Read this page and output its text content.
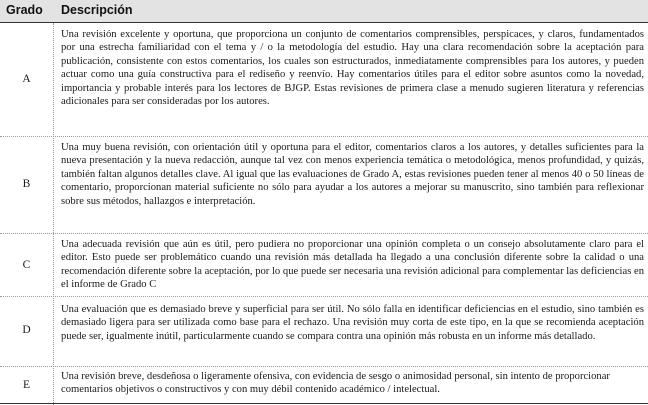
Grado Descripción
A

Una revisión excelente y oportuna, que proporciona un conjunto de comentarios comprensibles, perspicaces, y claros, fundamentados por una estrecha familiaridad con el tema y / o la metodología del estudio. Hay una clara recomendación sobre la aceptación para publicación, consistente con estos comentarios, los cuales son estructurados, inmediatamente comprensibles para los autores, y pueden actuar como una guía constructiva para el rediseño y reenvío. Hay comentarios útiles para el editor sobre asuntos como la novedad, importancia y probable interés para los lectores de BJGP. Estas revisiones de primera clase a menudo sugieren literatura y referencias adicionales para ser consideradas por los autores.

B

Una muy buena revisión, con orientación útil y oportuna para el editor, comentarios claros a los autores, y detalles suficientes para la nueva presentación y la nueva redacción, aunque tal vez con menos experiencia temática o metodológica, menos profundidad, y quizás, también faltan algunos detalles clave. Al igual que las evaluaciones de Grado A, estas revisiones pueden tener al menos 40 o 50 líneas de comentario, proporcionan material suficiente no sólo para ayudar a los autores a mejorar su manuscrito, sino también para reflexionar sobre sus métodos, hallazgos e interpretación.

C

Una adecuada revisión que aún es útil, pero pudiera no proporcionar una opinión completa o un consejo absolutamente claro para el editor. Esto puede ser problemático cuando una revisión más detallada ha llegado a una conclusión diferente sobre la calidad o una recomendación diferente sobre la aceptación, por lo que puede ser necesaria una revisión adicional para complementar las deficiencias en el informe de Grado C

D

Una evaluación que es demasiado breve y superficial para ser útil. No sólo falla en identificar deficiencias en el estudio, sino también es demasiado ligera para ser utilizada como base para el rechazo. Una revisión muy corta de este tipo, en la que se recomienda aceptación puede ser, igualmente inútil, particularmente cuando se compara contra una opinión más robusta en un informe más detallado.

E

Una revisión breve, desdeñosa o ligeramente ofensiva, con evidencia de sesgo o animosidad personal, sin intento de proporcionar comentarios objetivos o constructivos y con muy débil contenido académico / intelectual.
